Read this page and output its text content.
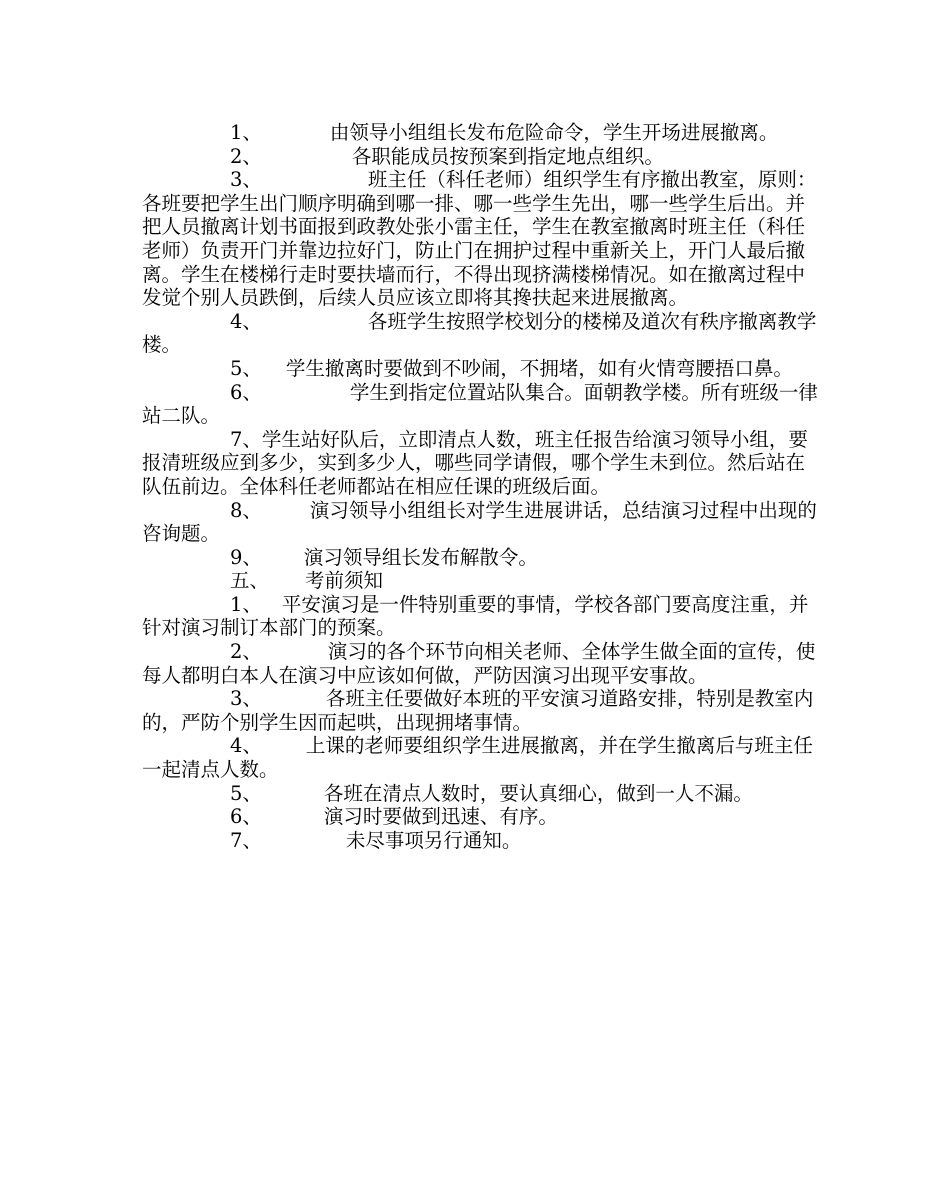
1、	由领导小组组长发布危险命令，学生开场进展撤离。

2、	各职能成员按预案到指定地点组织。

3、	班主任（科任老师）组织学生有序撤出教室，原则：各班要把学生出门顺序明确到哪一排、哪一些学生先出，哪一些学生后出。并把人员撤离计划书面报到政教处张小雷主任，学生在教室撤离时班主任（科任老师）负责开门并靠边拉好门，防止门在拥护过程中重新关上，开门人最后撤离。学生在楼梯行走时要扶墙而行，不得出现挤满楼梯情况。如在撤离过程中发觉个别人员跌倒，后续人员应该立即将其搀扶起来进展撤离。

4、	各班学生按照学校划分的楼梯及道次有秩序撤离教学楼。

5、 学生撤离时要做到不吵闹，不拥堵，如有火情弯腰捂口鼻。

6、	学生到指定位置站队集合。面朝教学楼。所有班级一律站二队。

7、学生站好队后，立即清点人数，班主任报告给演习领导小组，要报清班级应到多少，实到多少人，哪些同学请假，哪个学生未到位。然后站在队伍前边。全体科任老师都站在相应任课的班级后面。

8、 演习领导小组组长对学生进展讲话，总结演习过程中出现的咨询题。

9、 演习领导组长发布解散令。

五、 考前须知

1、 平安演习是一件特别重要的事情，学校各部门要高度注重，并针对演习制订本部门的预案。

2、	演习的各个环节向相关老师、全体学生做全面的宣传，使每人都明白本人在演习中应该如何做，严防因演习出现平安事故。

3、	各班主任要做好本班的平安演习道路安排，特别是教室内的，严防个别学生因而起哄，出现拥堵事情。

4、 上课的老师要组织学生进展撤离，并在学生撤离后与班主任一起清点人数。

5、	各班在清点人数时，要认真细心，做到一人不漏。

6、	演习时要做到迅速、有序。

7、	未尽事项另行通知。
